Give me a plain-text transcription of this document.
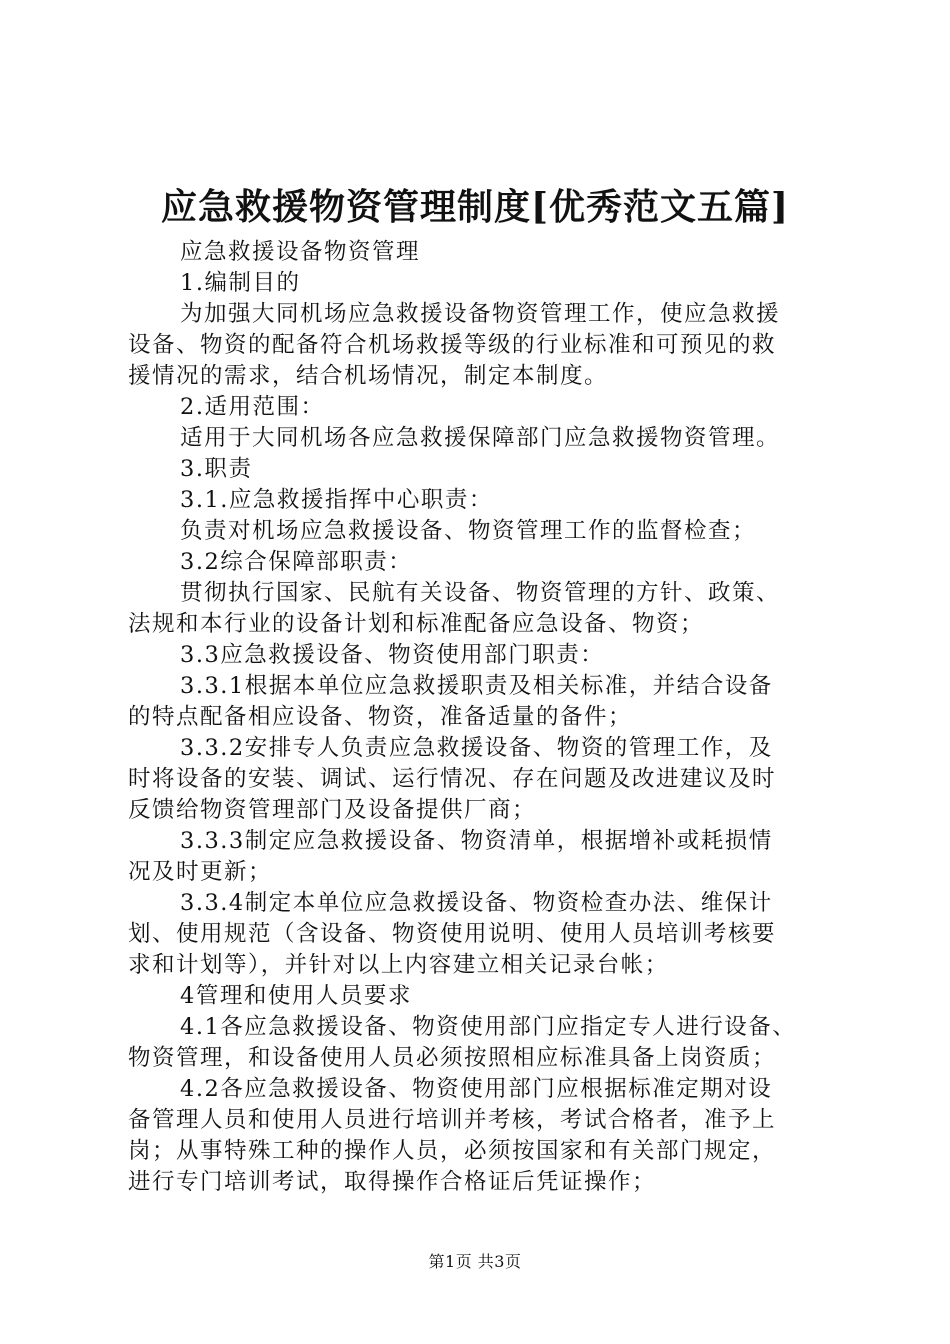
应急救援物资管理制度[优秀范文五篇]
应急救援设备物资管理
1.编制目的
为加强大同机场应急救援设备物资管理工作，使应急救援
设备、物资的配备符合机场救援等级的行业标准和可预见的救
援情况的需求，结合机场情况，制定本制度。
2.适用范围：
适用于大同机场各应急救援保障部门应急救援物资管理。
3.职责
3.1.应急救援指挥中心职责：
负责对机场应急救援设备、物资管理工作的监督检查；
3.2综合保障部职责：
贯彻执行国家、民航有关设备、物资管理的方针、政策、
法规和本行业的设备计划和标准配备应急设备、物资；
3.3应急救援设备、物资使用部门职责：
3.3.1根据本单位应急救援职责及相关标准，并结合设备
的特点配备相应设备、物资，准备适量的备件；
3.3.2安排专人负责应急救援设备、物资的管理工作，及
时将设备的安装、调试、运行情况、存在问题及改进建议及时
反馈给物资管理部门及设备提供厂商；
3.3.3制定应急救援设备、物资清单，根据增补或耗损情
况及时更新；
3.3.4制定本单位应急救援设备、物资检查办法、维保计
划、使用规范（含设备、物资使用说明、使用人员培训考核要
求和计划等），并针对以上内容建立相关记录台帐；
4管理和使用人员要求
4.1各应急救援设备、物资使用部门应指定专人进行设备、
物资管理，和设备使用人员必须按照相应标准具备上岗资质；
4.2各应急救援设备、物资使用部门应根据标准定期对设
备管理人员和使用人员进行培训并考核，考试合格者，准予上
岗；从事特殊工种的操作人员，必须按国家和有关部门规定，
进行专门培训考试，取得操作合格证后凭证操作；
第1页 共3页
